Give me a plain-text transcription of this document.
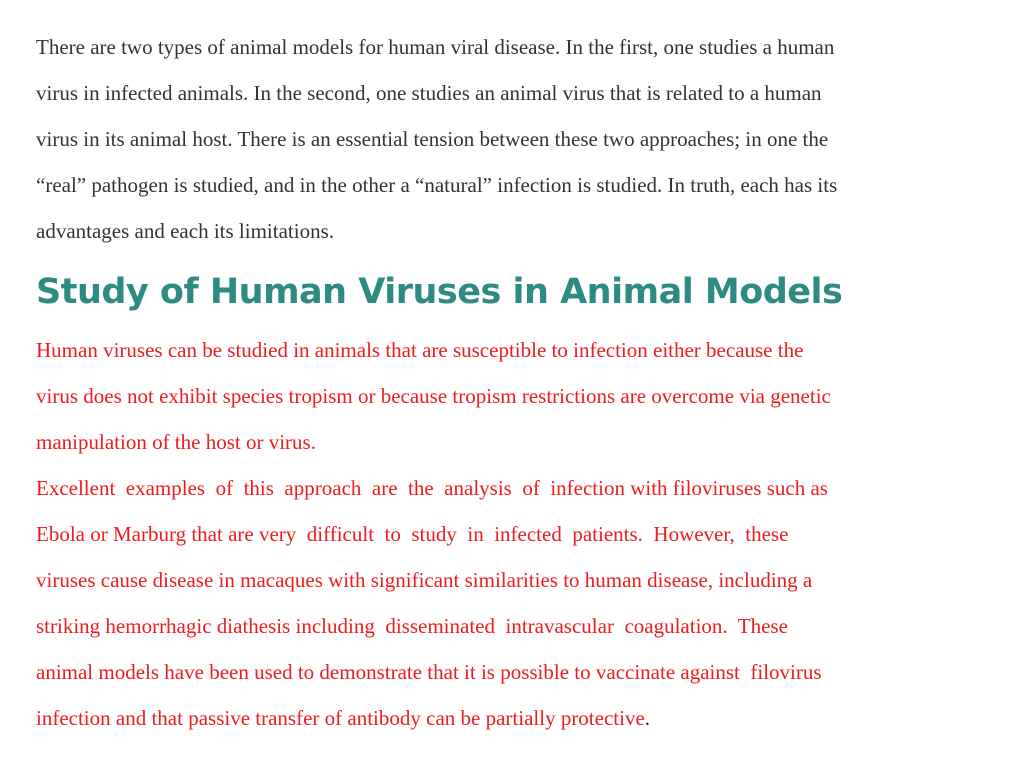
There are two types of animal models for human viral disease. In the first, one studies a human
virus in infected animals. In the second, one studies an animal virus that is related to a human
virus in its animal host. There is an essential tension between these two approaches; in one the
“real” pathogen is studied, and in the other a “natural” infection is studied. In truth, each has its
advantages and each its limitations.

Study of Human Viruses in Animal Models

Human viruses can be studied in animals that are susceptible to infection either because the
virus does not exhibit species tropism or because tropism restrictions are overcome via genetic
manipulation of the host or virus.

Excellent  examples  of  this  approach  are  the  analysis  of  infection with filoviruses such as
Ebola or Marburg that are very  difficult  to  study  in  infected  patients.  However,  these
viruses cause disease in macaques with significant similarities to human disease, including a
striking hemorrhagic diathesis including  disseminated  intravascular  coagulation.  These
animal models have been used to demonstrate that it is possible to vaccinate against  filovirus
infection and that passive transfer of antibody can be partially protective.
